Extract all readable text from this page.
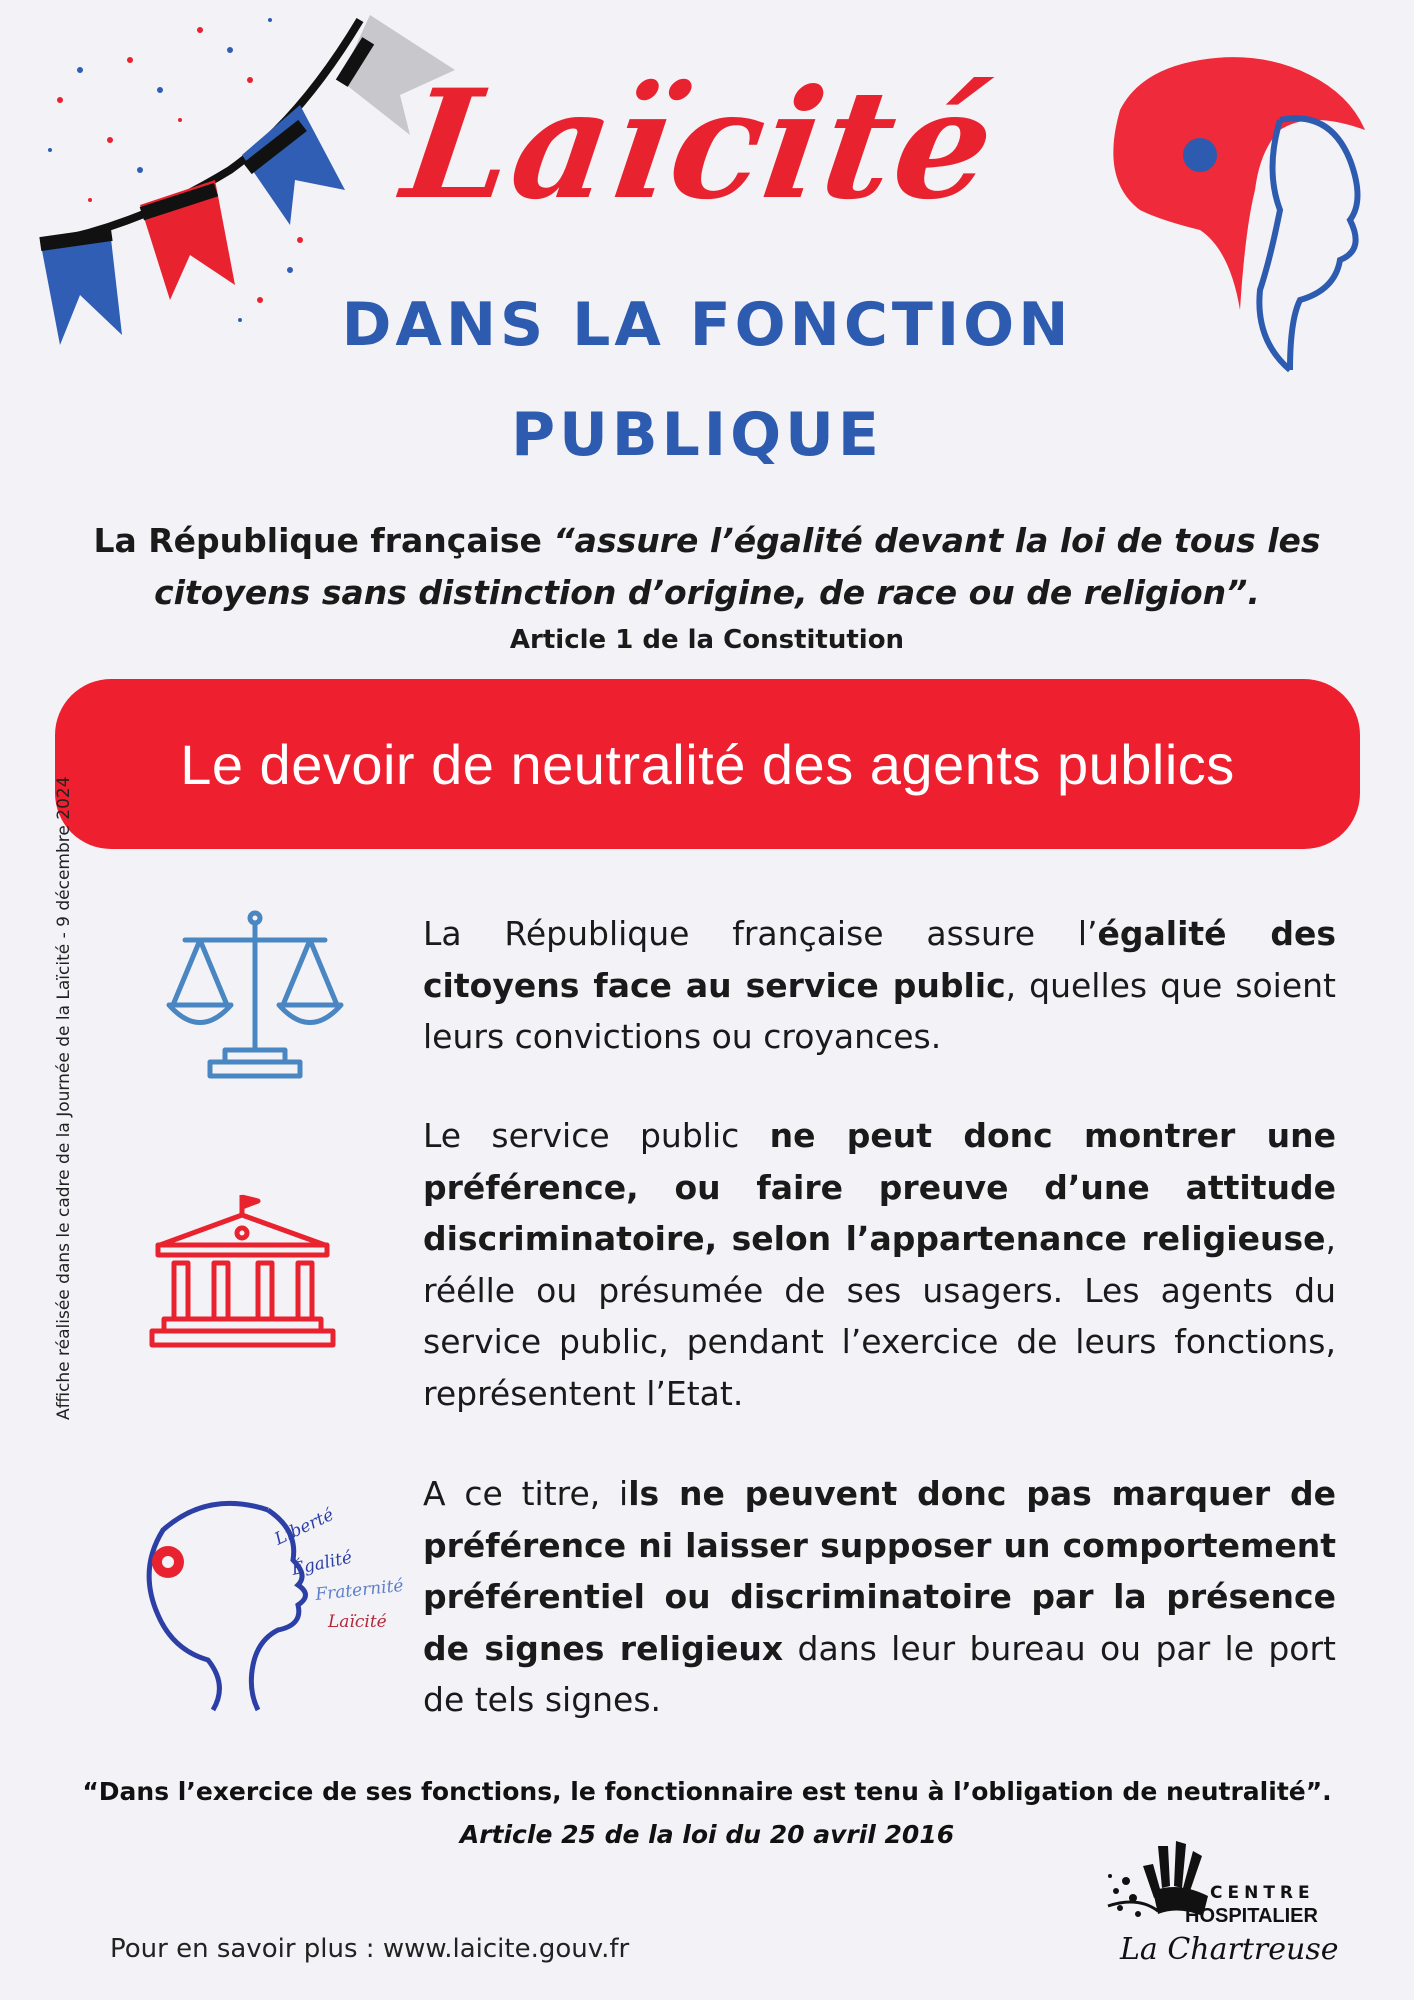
Laïcité
DANS LA FONCTION
PUBLIQUE
La République française “assure l’égalité devant la loi de tous les citoyens sans distinction d’origine, de race ou de religion”.
Article 1 de la Constitution
Le devoir de neutralité des agents publics
Liberté
Égalité
Fraternité
Laïcité
La République française assure l’égalité des citoyens face au service public, quelles que soient leurs convictions ou croyances.
Le service public ne peut donc montrer une préférence, ou faire preuve d’une attitude discriminatoire, selon l’appartenance religieuse, réélle ou présumée de ses usagers. Les agents du service public, pendant l’exercice de leurs fonctions, représentent l’Etat.
A ce titre, ils ne peuvent donc pas marquer de préférence ni laisser supposer un comportement préférentiel ou discriminatoire par la présence de signes religieux dans leur bureau ou par le port de tels signes.
Affiche réalisée dans le cadre de la Journée de la Laïcité - 9 décembre 2024
“Dans l’exercice de ses fonctions, le fonctionnaire est tenu à l’obligation de neutralité”.
Article 25 de la loi du 20 avril 2016
Pour en savoir plus : www.laicite.gouv.fr
CENTRE
HOSPITALIER
La Chartreuse
